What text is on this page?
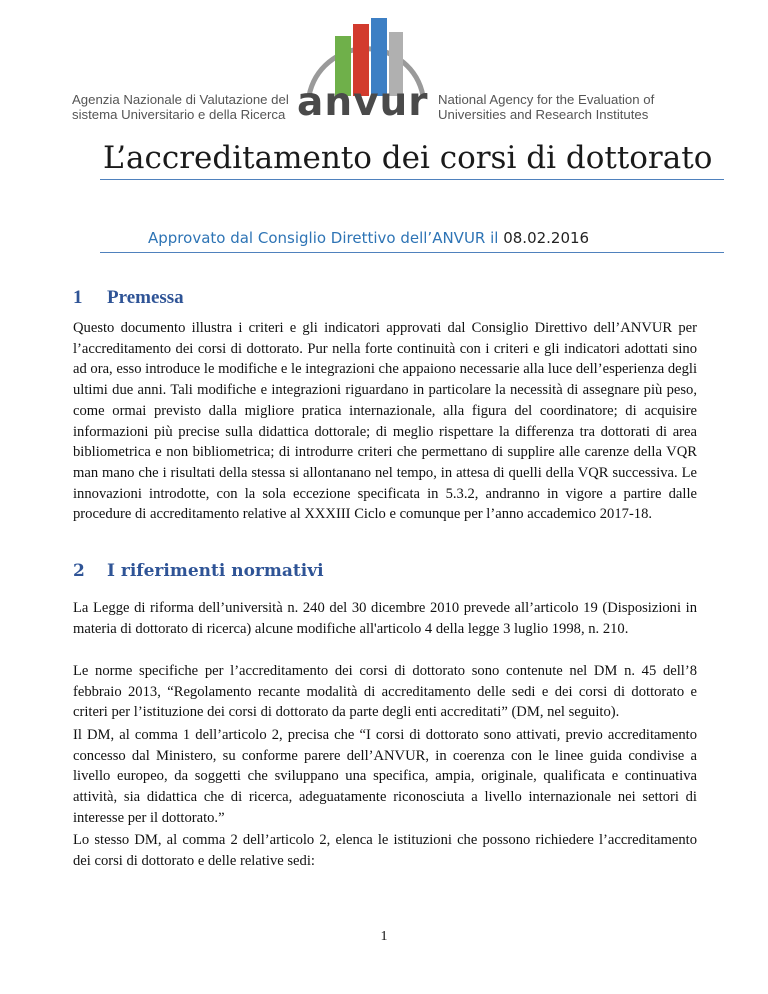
Agenzia Nazionale di Valutazione del
sistema Universitario e della Ricerca anvur National Agency for the Evaluation of
Universities and Research Institutes
L’accreditamento dei corsi di dottorato
Approvato dal Consiglio Direttivo dell’ANVUR il 08.02.2016
1 Premessa
Questo documento illustra i criteri e gli indicatori approvati dal Consiglio Direttivo dell’ANVUR per l’accreditamento dei corsi di dottorato. Pur nella forte continuità con i criteri e gli indicatori adottati sino ad ora, esso introduce le modifiche e le integrazioni che appaiono necessarie alla luce dell’esperienza degli ultimi due anni. Tali modifiche e integrazioni riguardano in particolare la necessità di assegnare più peso, come ormai previsto dalla migliore pratica internazionale, alla figura del coordinatore; di acquisire informazioni più precise sulla didattica dottorale; di meglio rispettare la differenza tra dottorati di area bibliometrica e non bibliometrica; di introdurre criteri che permettano di supplire alle carenze della VQR man mano che i risultati della stessa si allontanano nel tempo, in attesa di quelli della VQR successiva. Le innovazioni introdotte, con la sola eccezione specificata in 5.3.2, andranno in vigore a partire dalle procedure di accreditamento relative al XXXIII Ciclo e comunque per l’anno accademico 2017-18.
2 I riferimenti normativi
La Legge di riforma dell’università n. 240 del 30 dicembre 2010 prevede all’articolo 19 (Disposizioni in materia di dottorato di ricerca) alcune modifiche all'articolo 4 della legge 3 luglio 1998, n. 210.
Le norme specifiche per l’accreditamento dei corsi di dottorato sono contenute nel DM n. 45 dell’8 febbraio 2013, “Regolamento recante modalità di accreditamento delle sedi e dei corsi di dottorato e criteri per l’istituzione dei corsi di dottorato da parte degli enti accreditati” (DM, nel seguito).
Il DM, al comma 1 dell’articolo 2, precisa che “I corsi di dottorato sono attivati, previo accreditamento concesso dal Ministero, su conforme parere dell’ANVUR, in coerenza con le linee guida condivise a livello europeo, da soggetti che sviluppano una specifica, ampia, originale, qualificata e continuativa attività, sia didattica che di ricerca, adeguatamente riconosciuta a livello internazionale nei settori di interesse per il dottorato.”
Lo stesso DM, al comma 2 dell’articolo 2, elenca le istituzioni che possono richiedere l’accreditamento dei corsi di dottorato e delle relative sedi:
1
